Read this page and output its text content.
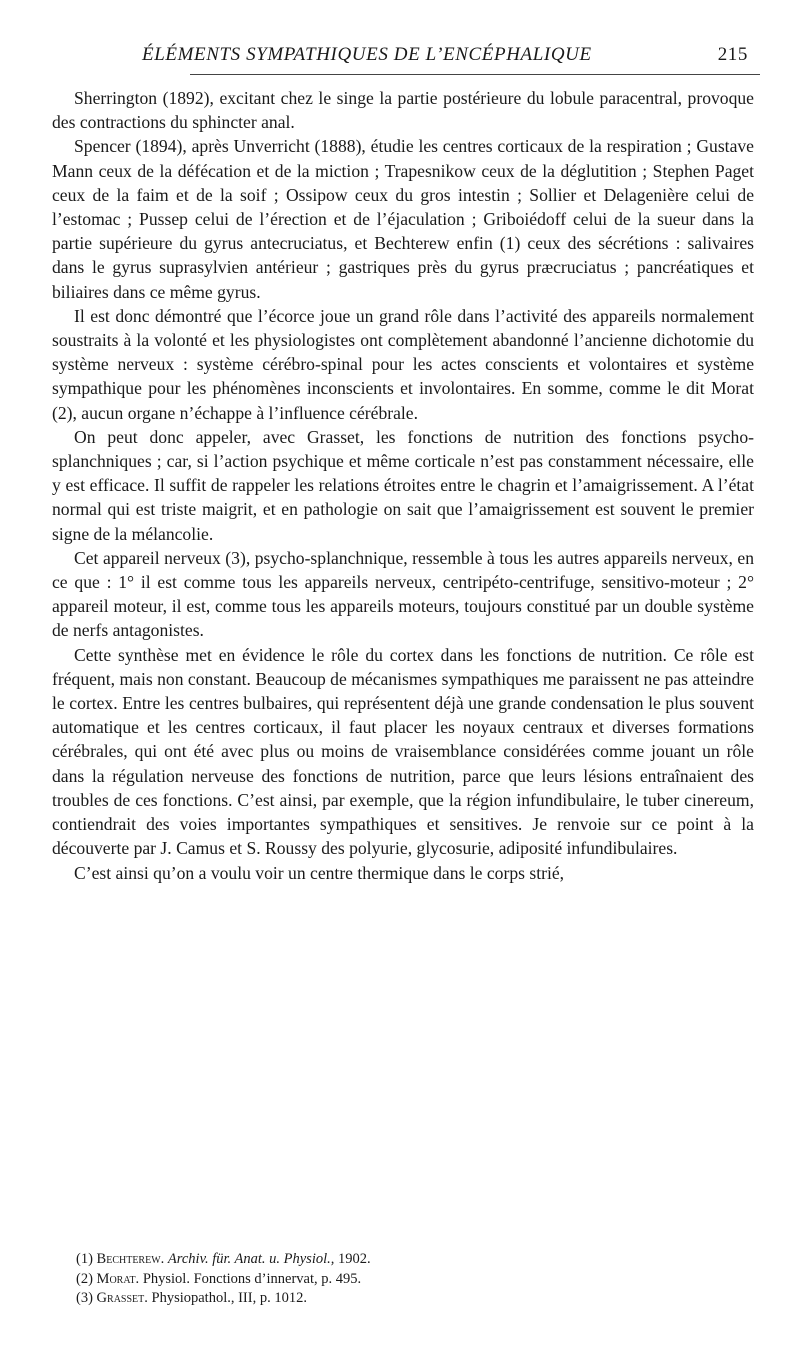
ÉLÉMENTS SYMPATHIQUES DE L’ENCÉPHALIQUE	215

Sherrington (1892), excitant chez le singe la partie postérieure du lobule paracentral, provoque des contractions du sphincter anal.

Spencer (1894), après Unverricht (1888), étudie les centres corticaux de la respiration ; Gustave Mann ceux de la défécation et de la miction ; Trapesnikow ceux de la déglutition ; Stephen Paget ceux de la faim et de la soif ; Ossipow ceux du gros intestin ; Sollier et Delagenière celui de l’estomac ; Pussep celui de l’érection et de l’éjaculation ; Griboiédoff celui de la sueur dans la partie supérieure du gyrus antecruciatus, et Bechterew enfin (1) ceux des sécrétions : salivaires dans le gyrus suprasylvien antérieur ; gastriques près du gyrus præcruciatus ; pancréatiques et biliaires dans ce même gyrus.

Il est donc démontré que l’écorce joue un grand rôle dans l’activité des appareils normalement soustraits à la volonté et les physiologistes ont complètement abandonné l’ancienne dichotomie du système nerveux : système cérébro-spinal pour les actes conscients et volontaires et système sympathique pour les phénomènes inconscients et involontaires. En somme, comme le dit Morat (2), aucun organe n’échappe à l’influence cérébrale.

On peut donc appeler, avec Grasset, les fonctions de nutrition des fonctions psycho-splanchniques ; car, si l’action psychique et même corticale n’est pas constamment nécessaire, elle y est efficace. Il suffit de rappeler les relations étroites entre le chagrin et l’amaigrissement. A l’état normal qui est triste maigrit, et en pathologie on sait que l’amaigrissement est souvent le premier signe de la mélancolie.

Cet appareil nerveux (3), psycho-splanchnique, ressemble à tous les autres appareils nerveux, en ce que : 1° il est comme tous les appareils nerveux, centripéto-centrifuge, sensitivo-moteur ; 2° appareil moteur, il est, comme tous les appareils moteurs, toujours constitué par un double système de nerfs antagonistes.

Cette synthèse met en évidence le rôle du cortex dans les fonctions de nutrition. Ce rôle est fréquent, mais non constant. Beaucoup de mécanismes sympathiques me paraissent ne pas atteindre le cortex. Entre les centres bulbaires, qui représentent déjà une grande condensation le plus souvent automatique et les centres corticaux, il faut placer les noyaux centraux et diverses formations cérébrales, qui ont été avec plus ou moins de vraisemblance considérées comme jouant un rôle dans la régulation nerveuse des fonctions de nutrition, parce que leurs lésions entraînaient des troubles de ces fonctions. C’est ainsi, par exemple, que la région infundibulaire, le tuber cinereum, contiendrait des voies importantes sympathiques et sensitives. Je renvoie sur ce point à la découverte par J. Camus et S. Roussy des polyurie, glycosurie, adiposité infundibulaires.

C’est ainsi qu’on a voulu voir un centre thermique dans le corps strié,

(1) Bechterew. Archiv. für. Anat. u. Physiol., 1902.

(2) Morat. Physiol. Fonctions d’innervat, p. 495.

(3) Grasset. Physiopathol., III, p. 1012.
